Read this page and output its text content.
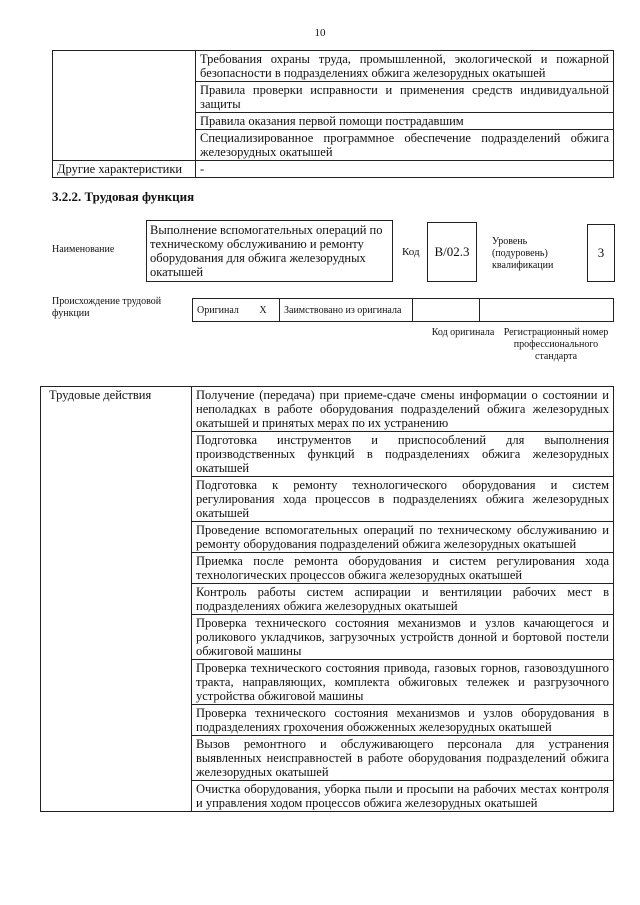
10
	Требования охраны труда, промышленной, экологической и пожарной безопасности в подразделениях обжига железорудных окатышей
	Правила проверки исправности и применения средств индивидуальной защиты
	Правила оказания первой помощи пострадавшим
	Специализированное программное обеспечение подразделений обжига железорудных окатышей
Другие характеристики	-
3.2.2. Трудовая функция
Наименование
Выполнение вспомогательных операций по техническому обслуживанию и ремонту оборудования для обжига железорудных окатышей
Код B/02.3
Уровень (подуровень) квалификации
3
Происхождение трудовой функции	Оригинал	X	Заимствовано из оригинала		
Код оригинала Регистрационный номер профессионального стандарта
Трудовые действия	Получение (передача) при приеме-сдаче смены информации о состоянии и неполадках в работе оборудования подразделений обжига железорудных окатышей и принятых мерах по их устранению
Подготовка инструментов и приспособлений для выполнения производственных функций в подразделениях обжига железорудных окатышей
Подготовка к ремонту технологического оборудования и систем регулирования хода процессов в подразделениях обжига железорудных окатышей
Проведение вспомогательных операций по техническому обслуживанию и ремонту оборудования подразделений обжига железорудных окатышей
Приемка после ремонта оборудования и систем регулирования хода технологических процессов обжига железорудных окатышей
Контроль работы систем аспирации и вентиляции рабочих мест в подразделениях обжига железорудных окатышей
Проверка технического состояния механизмов и узлов качающегося и роликового укладчиков, загрузочных устройств донной и бортовой постели обжиговой машины
Проверка технического состояния привода, газовых горнов, газовоздушного тракта, направляющих, комплекта обжиговых тележек и разгрузочного устройства обжиговой машины
Проверка технического состояния механизмов и узлов оборудования в подразделениях грохочения обожженных железорудных окатышей
Вызов ремонтного и обслуживающего персонала для устранения выявленных неисправностей в работе оборудования подразделений обжига железорудных окатышей
Очистка оборудования, уборка пыли и просыпи на рабочих местах контроля и управления ходом процессов обжига железорудных окатышей
